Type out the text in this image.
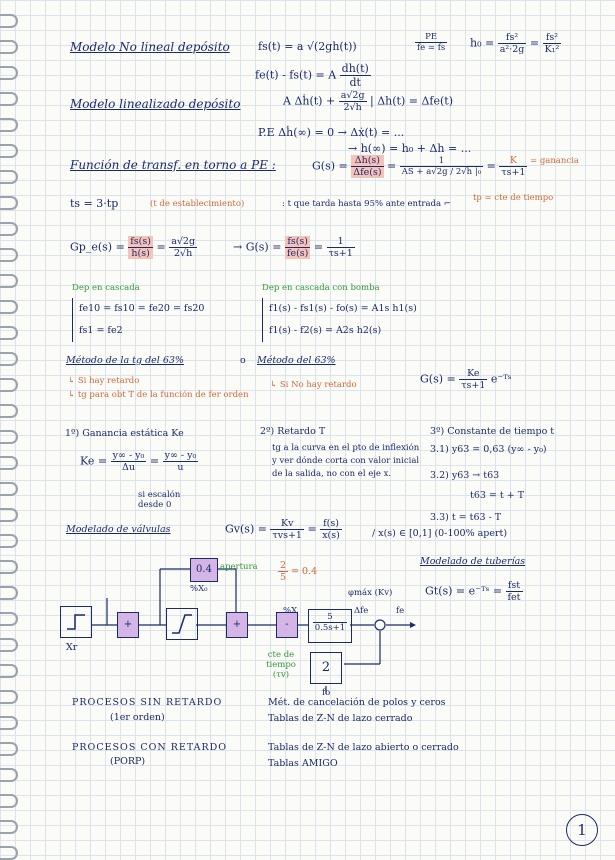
Modelo No lineal depósito	fs(t) = a √(2gh(t))	$\frac{PE}{fe = fs} h_0 = \frac{\text{fs²}}{\text{a²·2g}} = \frac{\text{fs²}}{\text{K₁²}}$
fe(t) - fs(t) = A $\frac{dh(t)}{dt}$
Modelo linealizado depósito	A Δḣ(t) + $\frac{a√2g}{2√h}$ | Δh(t) = Δfe(t)
P.E Δḣ(∞) = 0 → Δẋ(t) = ...
→ h(∞) = h₀ + Δh = ...
Función de transf. en torno a PE :	$G(s) = \frac{\Delta h(s)}{\text{Δfe(s)}} = \frac{1}{\text{AS + a√2g / 2√h |₀}} = \frac{K}{\tau s+1}$ = ganancia
tp = cte de tiempo
ts = 3·tp	(t de establecimiento)	: t que tarda hasta 95% ante entrada ⌐
Gp_e(s) = $\frac{fs(s)}{h(s)} = \frac{a√2g}{2√h}$	→ $G(s) = \frac{fs(s)}{fe(s)} = \frac{1}{\tau s+1}$
Dep en cascada
fe10 = fs10 = fe20 = fs20
fs1 = fe2
Dep en cascada con bomba
f1(s) - fs1(s) - fo(s) = A1s h1(s)
f1(s) - f2(s) = A2s h2(s)
Método de la tg del 63%	o Método del 63%
↳ Si hay retardo
↳ tg para obt T de la función de fer orden
↳ Si No hay retardo	$G(s) = \frac{Ke}{\tau s+1}$ e⁻ᵀˢ
1º) Ganancia estática Ke
$Ke = \frac{\text{y∞ - y₀}}{\Delta u} = \frac{\text{y∞ - y₀}}{u}$
si escalón desde 0
2º) Retardo T
tg a la curva en el pto de inflexión y ver dónde corta con valor inicial de la salida, no con el eje x.
3º) Constante de tiempo t
3.1) y63 = 0,63 (y∞ - y₀)
3.2) y63 → t63
t63 = t + T
3.3) t = t63 - T
Modelado de válvulas	$Gv(s) = \frac{Kv}{\text{τvs+1}} = \frac{f(s)}{x(s)}$	/ x(s) ∈ [0,1] (0-100% apert)
Modelado de tuberías
Gt(s) = e⁻ᵀˢ = $\frac{\text{fst}}{\text{fet}}$
Xr
+	+	-
0.4 apertura
%X₀
$\frac{2}{5} = 0.4$
φmáx (Kv)
%X
$\frac{5}{0.5s+1}$
Δfe	fe
2
cte de tiempo (τv)
fo
PROCESOS SIN RETARDO
(1er orden)
Mét. de cancelación de polos y ceros
Tablas de Z-N de lazo cerrado
PROCESOS CON RETARDO
(PORP)
Tablas de Z-N de lazo abierto o cerrado
Tablas AMIGO
1
